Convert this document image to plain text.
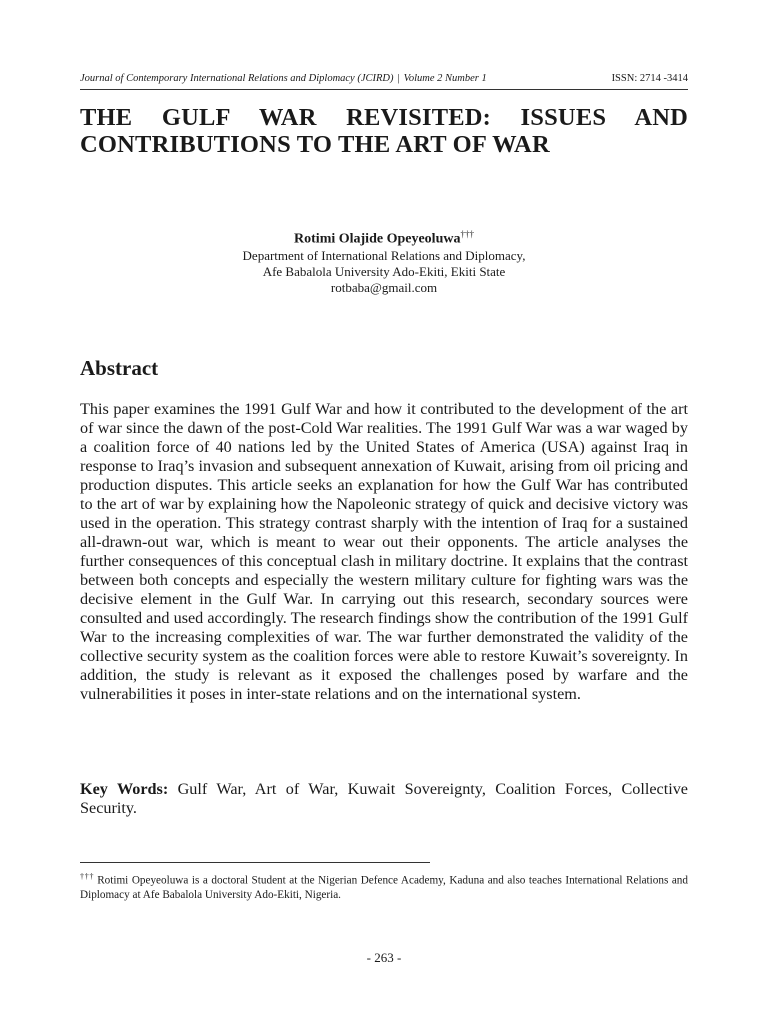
Journal of Contemporary International Relations and Diplomacy (JCIRD) | Volume 2 Number 1	ISSN: 2714 -3414
THE GULF WAR REVISITED: ISSUES AND CONTRIBUTIONS TO THE ART OF WAR
Rotimi Olajide Opeyeoluwa†††
Department of International Relations and Diplomacy,
Afe Babalola University Ado-Ekiti, Ekiti State
rotbaba@gmail.com
Abstract

This paper examines the 1991 Gulf War and how it contributed to the development of the art of war since the dawn of the post-Cold War realities. The 1991 Gulf War was a war waged by a coalition force of 40 nations led by the United States of America (USA) against Iraq in response to Iraq’s invasion and subsequent annexation of Kuwait, arising from oil pricing and production disputes. This article seeks an explanation for how the Gulf War has contributed to the art of war by explaining how the Napoleonic strategy of quick and decisive victory was used in the operation. This strategy contrast sharply with the intention of Iraq for a sustained all-drawn-out war, which is meant to wear out their opponents. The article analyses the further consequences of this conceptual clash in military doctrine. It explains that the contrast between both concepts and especially the western military culture for fighting wars was the decisive element in the Gulf War. In carrying out this research, secondary sources were consulted and used accordingly. The research findings show the contribution of the 1991 Gulf War to the increasing complexities of war. The war further demonstrated the validity of the collective security system as the coalition forces were able to restore Kuwait’s sovereignty. In addition, the study is relevant as it exposed the challenges posed by warfare and the vulnerabilities it poses in inter-state relations and on the international system.

Key Words: Gulf War, Art of War, Kuwait Sovereignty, Coalition Forces, Collective Security.

††† Rotimi Opeyeoluwa is a doctoral Student at the Nigerian Defence Academy, Kaduna and also teaches International Relations and Diplomacy at Afe Babalola University Ado-Ekiti, Nigeria.

- 263 -
